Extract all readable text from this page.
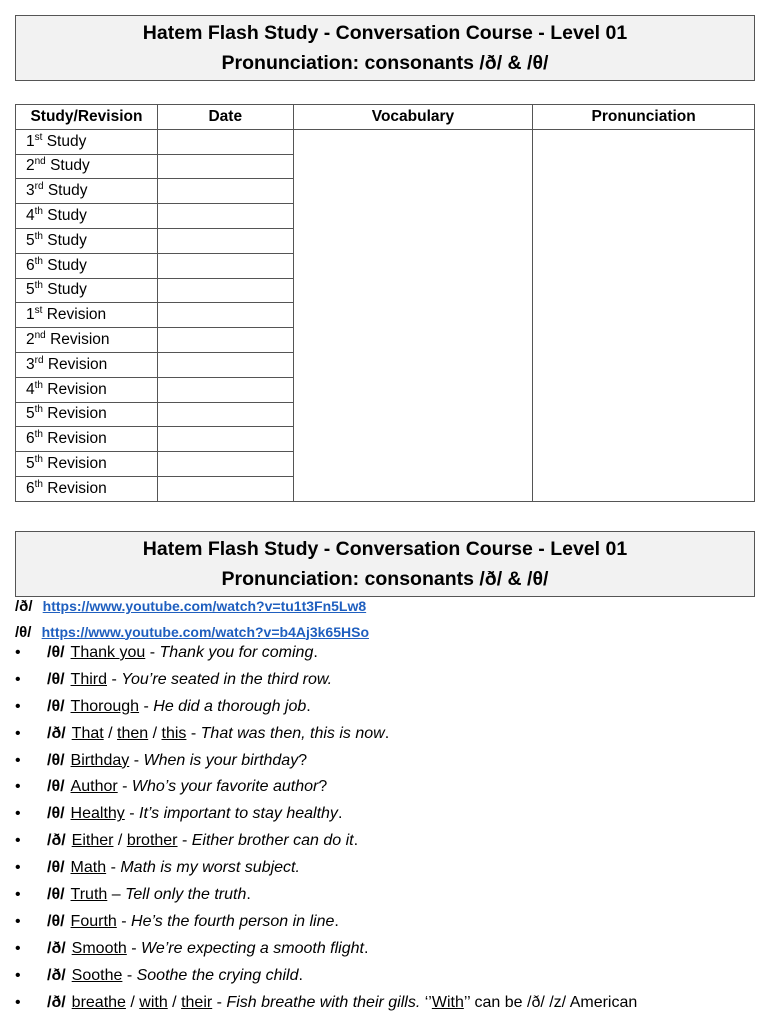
Hatem Flash Study - Conversation Course - Level 01
Pronunciation: consonants /ð/ & /θ/
Study/Revision	Date	Vocabulary	Pronunciation
1st Study			
2nd Study			
3rd Study			
4th Study			
5th Study			
6th Study			
5th Study			
1st Revision			
2nd Revision			
3rd Revision			
4th Revision			
5th Revision			
6th Revision			
5th Revision			
6th Revision			
Hatem Flash Study - Conversation Course - Level 01
Pronunciation: consonants /ð/ & /θ/
/ð/ https://www.youtube.com/watch?v=tu1t3Fn5Lw8
/θ/ https://www.youtube.com/watch?v=b4Aj3k65HSo
• /θ/ Thank you - Thank you for coming.
• /θ/ Third - You’re seated in the third row.
• /θ/ Thorough - He did a thorough job.
• /ð/ That / then / this - That was then, this is now.
• /θ/ Birthday - When is your birthday?
• /θ/ Author - Who’s your favorite author?
• /θ/ Healthy - It’s important to stay healthy.
• /ð/ Either / brother - Either brother can do it.
• /θ/ Math - Math is my worst subject.
• /θ/ Truth – Tell only the truth.
• /θ/ Fourth - He’s the fourth person in line.
• /ð/ Smooth - We’re expecting a smooth flight.
• /ð/ Soothe - Soothe the crying child.
• /ð/ breathe / with / their - Fish breathe with their gills. ‘’With’’ can be /ð/ /z/ American
